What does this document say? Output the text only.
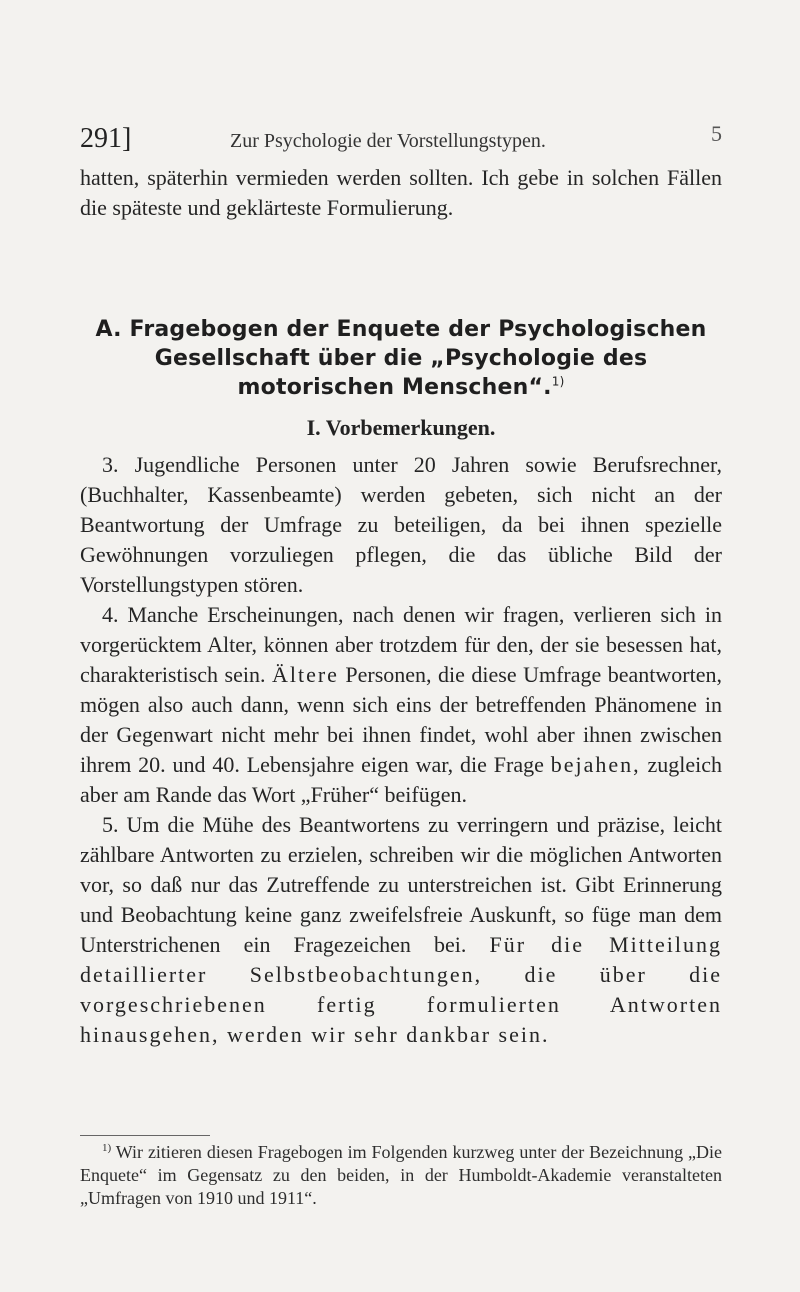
291]	Zur Psychologie der Vorstellungstypen.	5
hatten, späterhin vermieden werden sollten. Ich gebe in solchen Fällen die späteste und geklärteste Formulierung.
A. Fragebogen der Enquete der Psychologischen Gesellschaft über die „Psychologie des motorischen Menschen“.$^{1)}$
I. Vorbemerkungen.

3. Jugendliche Personen unter 20 Jahren sowie Berufsrechner, (Buchhalter, Kassenbeamte) werden gebeten, sich nicht an der Beantwortung der Umfrage zu beteiligen, da bei ihnen spezielle Gewöhnungen vorzuliegen pflegen, die das übliche Bild der Vorstellungstypen stören.

4. Manche Erscheinungen, nach denen wir fragen, verlieren sich in vorgerücktem Alter, können aber trotzdem für den, der sie besessen hat, charakteristisch sein. Ältere Personen, die diese Umfrage beantworten, mögen also auch dann, wenn sich eins der betreffenden Phänomene in der Gegenwart nicht mehr bei ihnen findet, wohl aber ihnen zwischen ihrem 20. und 40. Lebensjahre eigen war, die Frage bejahen, zugleich aber am Rande das Wort „Früher“ beifügen.

5. Um die Mühe des Beantwortens zu verringern und präzise, leicht zählbare Antworten zu erzielen, schreiben wir die möglichen Antworten vor, so daß nur das Zutreffende zu unterstreichen ist. Gibt Erinnerung und Beobachtung keine ganz zweifelsfreie Auskunft, so füge man dem Unterstrichenen ein Fragezeichen bei. Für die Mitteilung detaillierter Selbstbeobachtungen, die über die vorgeschriebenen fertig formulierten Antworten hinausgehen, werden wir sehr dankbar sein.

$^{1)}$ Wir zitieren diesen Fragebogen im Folgenden kurzweg unter der Bezeichnung „Die Enquete“ im Gegensatz zu den beiden, in der Humboldt-Akademie veranstalteten „Umfragen von 1910 und 1911“.
